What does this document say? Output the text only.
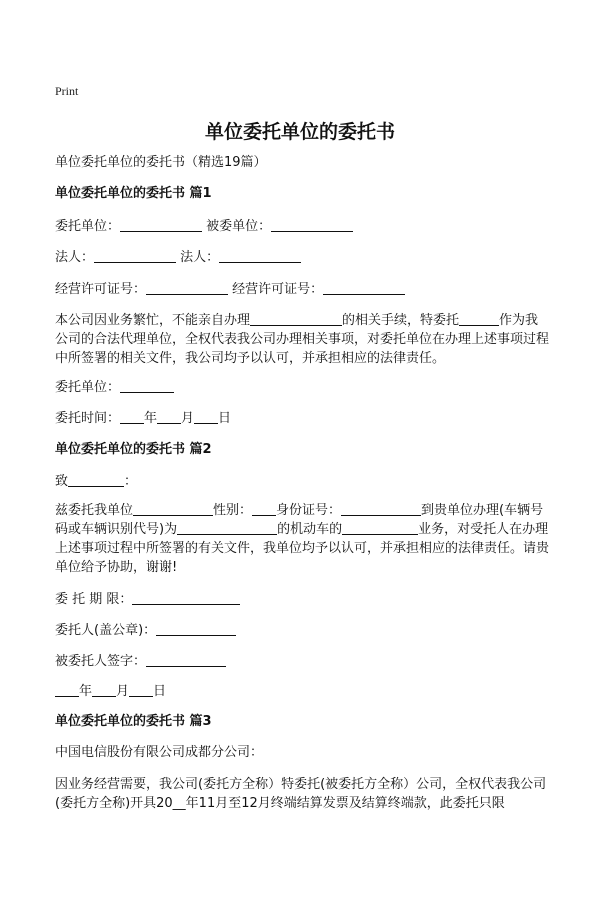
Print
单位委托单位的委托书

单位委托单位的委托书（精选19篇）

单位委托单位的委托书 篇1

委托单位：	被委单位：

法人：	法人：

经营许可证号：	经营许可证号：

本公司因业务繁忙，不能亲自办理	的相关手续，特委托	作为我公司的合法代理单位，全权代表我公司办理相关事项，对委托单位在办理上述事项过程中所签署的相关文件，我公司均予以认可，并承担相应的法律责任。

委托单位：

委托时间： 年 月 日

单位委托单位的委托书 篇2

致	：

兹委托我单位	性别： 身份证号：	到贵单位办理(车辆号码或车辆识别代号)为	的机动车的	业务，对受托人在办理上述事项过程中所签署的有关文件，我单位均予以认可，并承担相应的法律责任。请贵单位给予协助，谢谢!

委 托 期 限：

委托人(盖公章)：

被委托人签字：

年 月 日

单位委托单位的委托书 篇3

中国电信股份有限公司成都分公司：

因业务经营需要，我公司(委托方全称）特委托(被委托方全称）公司，全权代表我公司(委托方全称)开具20__年11月至12月终端结算发票及结算终端款，此委托只限
